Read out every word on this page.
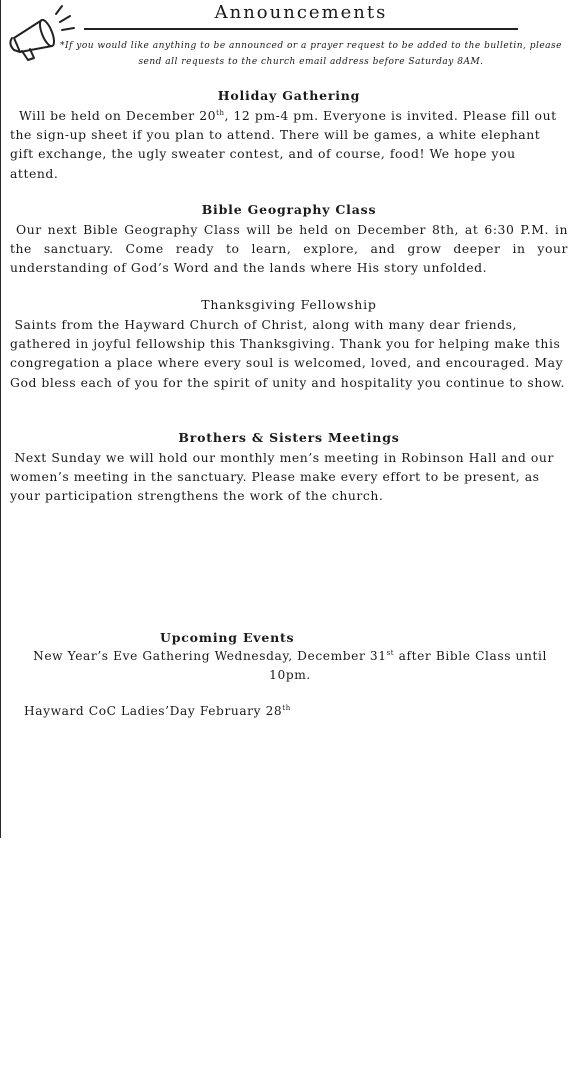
Announcements
*If you would like anything to be announced or a prayer request to be added to the bulletin, please send all requests to the church email address before Saturday 8AM.
Holiday Gathering

Will be held on December 20th, 12 pm-4 pm. Everyone is invited. Please fill out the sign-up sheet if you plan to attend. There will be games, a white elephant gift exchange, the ugly sweater contest, and of course, food! We hope you attend.

Bible Geography Class

Our next Bible Geography Class will be held on December 8th, at 6:30 P.M. in the sanctuary. Come ready to learn, explore, and grow deeper in your understanding of God’s Word and the lands where His story unfolded.

Thanksgiving Fellowship

Saints from the Hayward Church of Christ, along with many dear friends, gathered in joyful fellowship this Thanksgiving. Thank you for helping make this congregation a place where every soul is welcomed, loved, and encouraged. May God bless each of you for the spirit of unity and hospitality you continue to show.

Brothers & Sisters Meetings

Next Sunday we will hold our monthly men’s meeting in Robinson Hall and our women’s meeting in the sanctuary. Please make every effort to be present, as your participation strengthens the work of the church.

Upcoming Events
New Year’s Eve Gathering Wednesday, December 31st after Bible Class until 10pm.
Hayward CoC Ladies’Day February 28th
